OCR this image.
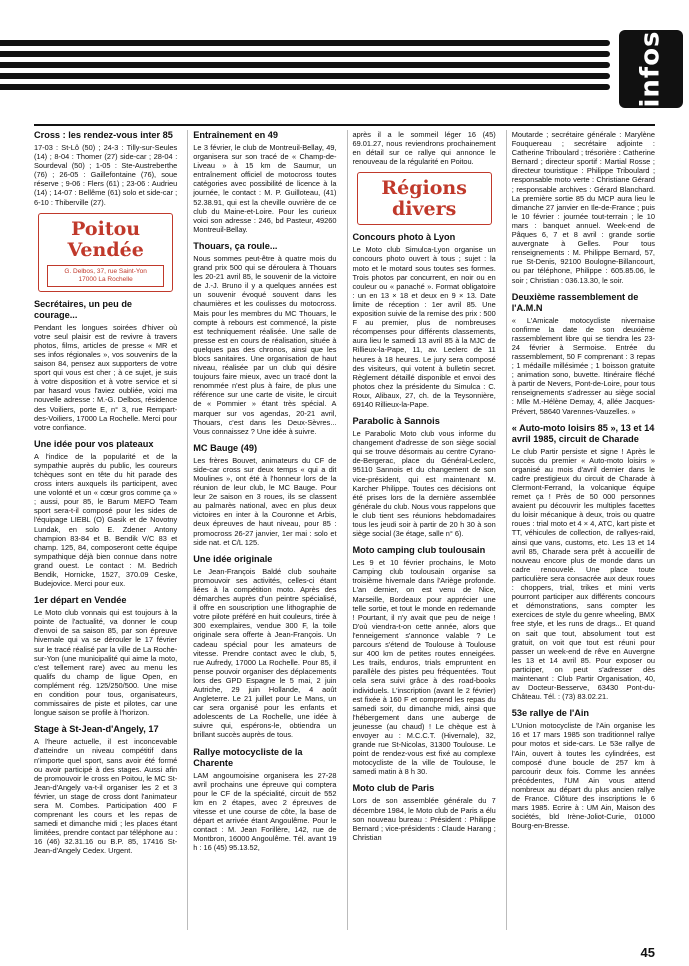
infos
Cross : les rendez-vous inter 85

17-03 : St-Lô (50) ; 24-3 : Tilly-sur-Seules (14) ; 8-04 : Thomer (27) side-car ; 28-04 : Sourdeval (50) ; 1-05 : Ste-Austreberthe (76) ; 26-05 : Gaillefontaine (76), soue réserve ; 9-06 : Flers (61) ; 23-06 : Audrieu (14) ; 14-07 : Bellême (61) solo et side-car ; 6-10 : Thiberville (27).

Poitou
Vendée
G. Delbos, 37, rue Saint-Yon
17000 La Rochelle
Secrétaires, un peu de courage...

Pendant les longues soirées d'hiver où votre seul plaisir est de revivre à travers photos, films, articles de presse « MR et ses infos régionales », vos souvenirs de la saison 84, pensez aux supporters de votre sport qui vous est cher ; à ce sujet, je suis à votre disposition et à votre service et si par hasard vous l'aviez oubliée, voici ma nouvelle adresse : M.-G. Delbos, résidence des Voiliers, porte E, n° 3, rue Rempart-des-Voiliers, 17000 La Rochelle. Merci pour votre confiance.

Une idée pour vos plateaux

A l'indice de la popularité et de la sympathie auprès du public, les coureurs tchèques sont en tête du hit parade des cross inters auxquels ils participent, avec une volonté et un « cœur gros comme ça » ; aussi, pour 85, le Barum MEFO Team sport sera-t-il composé pour les sides de l'équipage LIEBL (O) Gasik et de Novotny Lundak, en solo E. Zdener Antony champion 83-84 et B. Bendik V/C 83 et champ. 125, 84, composeront cette équipe sympathique déjà bien connue dans notre grand ouest. Le contact : M. Bedrich Bendik, Hornicke, 1527, 370.09 Ceske, Budejovice. Merci pour eux.

1er départ en Vendée

Le Moto club vonnais qui est toujours à la pointe de l'actualité, va donner le coup d'envoi de sa saison 85, par son épreuve hivernale qui va se dérouler le 17 février sur le tracé réalisé par la ville de La Roche-sur-Yon (une municipalité qui aime la moto, c'est tellement rare) avec au menu les qualifs du champ de ligue Open, en complément rég. 125/250/500. Une mise en condition pour tous, organisateurs, commissaires de piste et pilotes, car une longue saison se profile à l'horizon.

Stage à St-Jean-d'Angely, 17

A l'heure actuelle, il est inconcevable d'atteindre un niveau compétitif dans n'importe quel sport, sans avoir été formé ou avoir participé à des stages. Aussi afin de promouvoir le cross en Poitou, le MC St-Jean-d'Angely va-t-il organiser les 2 et 3 février, un stage de cross dont l'animateur sera M. Combes. Participation 400 F comprenant les cours et les repas de samedi et dimanche midi ; les places étant limitées, prendre contact par téléphone au : 16 (46) 32.31.16 ou B.P. 85, 17416 St-Jean-d'Angely Cedex. Urgent.

Entraînement en 49

Le 3 février, le club de Montreuil-Bellay, 49, organisera sur son tracé de « Champ-de-Liveau » à 15 km de Saumur, un entraînement officiel de motocross toutes catégories avec possibilité de licence à la journée, le contact : M. P. Guilloteau, (41) 52.38.91, qui est la cheville ouvrière de ce club du Maine-et-Loire. Pour les curieux voici son adresse : 246, bd Pasteur, 49260 Montreuil-Bellay.

Thouars, ça roule...

Nous sommes peut-être à quatre mois du grand prix 500 qui se déroulera à Thouars les 20-21 avril 85, le souvenir de la victoire de J.-J. Bruno il y a quelques années est un souvenir évoqué souvent dans les chaumières et les coulisses du motocross. Mais pour les membres du MC Thouars, le compte à rebours est commencé, la piste est techniquement réalisée. Une salle de presse est en cours de réalisation, située à quelques pas des chronos, ainsi que les blocs sanitaires. Une organisation de haut niveau, réalisée par un club qui désire toujours faire mieux, avec un tracé dont la renommée n'est plus à faire, de plus une référence sur une carte de visite, le circuit de « Pommier » étant très spécial. A marquer sur vos agendas, 20-21 avril, Thouars, c'est dans les Deux-Sèvres... Vous connaissez ? Une idée à suivre.

MC Bauge (49)

Les frères Bouvet, animateurs du CF de side-car cross sur deux temps « qui a dit Moulines », ont été à l'honneur lors de la réunion de leur club, le MC Bauge. Pour leur 2e saison en 3 roues, ils se classent au palmarès national, avec en plus deux victoires en inter à la Couronne et Arbis, deux épreuves de haut niveau, pour 85 : promocross 26-27 janvier, 1er mai : solo et side nat. et C/L 125.

Une idée originale

Le Jean-François Baldé club souhaite promouvoir ses activités, celles-ci étant liées à la compétition moto. Après des démarches auprès d'un peintre spécialisé, il offre en souscription une lithographie de votre pilote préféré en huit couleurs, tirée à 300 exemplaires, vendue 300 F, la toile originale sera offerte à Jean-François. Un cadeau spécial pour les amateurs de vitesse. Prendre contact avec le club, 5, rue Aufredy, 17000 La Rochelle. Pour 85, il pense pouvoir organiser des déplacements lors des GPD Espagne le 5 mai, 2 juin Autriche, 29 juin Hollande, 4 août Angleterre. Le 21 juillet pour Le Mans, un car sera organisé pour les enfants et adolescents de La Rochelle, une idée à suivre qui, espérons-le, obtiendra un brillant succès auprès de tous.

Rallye motocycliste de la Charente

LAM angoumoisine organisera les 27-28 avril prochains une épreuve qui comptera pour le CF de la spécialité, circuit de 552 km en 2 étapes, avec 2 épreuves de vitesse et une course de côte, la base de départ et arrivée étant Angoulême. Pour le contact : M. Jean Forillère, 142, rue de Montbron, 16000 Angoulême. Tél. avant 19 h : 16 (45) 95.13.52,

après il a le sommeil léger 16 (45) 69.01.27, nous reviendrons prochainement en détail sur ce rallye qui annonce le renouveau de la régularité en Poitou.

Régions
divers
Concours photo à Lyon

Le Moto club Simulca-Lyon organise un concours photo ouvert à tous ; sujet : la moto et le motard sous toutes ses formes. Trois photos par concurrent, en noir ou en couleur ou « panaché ». Format obligatoire : un en 13 × 18 et deux en 9 × 13. Date limite de réception : 1er avril 85. Une exposition suivie de la remise des prix : 500 F au premier, plus de nombreuses récompenses pour différents classements, aura lieu le samedi 13 avril 85 à la MJC de Rillieux-la-Pape, 11, av. Leclerc de 11 heures à 18 heures. Le jury sera composé des visiteurs, qui votent à bulletin secret. Règlement détaillé disponible et envoi des photos chez la présidente du Simulca : C. Roux, Alibaux, 27, ch. de la Teysonnière, 69140 Rillieux-la-Pape.

Parabolic à Sannois

Le Parabolic Moto club vous informe du changement d'adresse de son siège social qui se trouve désormais au centre Cyrano-de-Bergerac, place du Général-Leclerc, 95110 Sannois et du changement de son vice-président, qui est maintenant M. Karcher Philippe. Toutes ces décisions ont été prises lors de la dernière assemblée générale du club. Nous vous rappelons que le club tient ses réunions hebdomadaires tous les jeudi soir à partir de 20 h 30 à son siège social (3e étage, salle n° 6).

Moto camping club toulousain

Les 9 et 10 février prochains, le Moto Camping club toulousain organise sa troisième hivernale dans l'Ariège profonde. L'an dernier, on est venu de Nice, Marseille, Bordeaux pour apprécier une telle sortie, et tout le monde en redemande ! Pourtant, il n'y avait que peu de neige ! D'où viendra-t-on cette année, alors que l'enneigement s'annonce valable ? Le parcours s'étend de Toulouse à Toulouse sur 400 km de petites routes enneigées. Les trails, enduros, trials empruntent en parallèle des pistes peu fréquentées. Tout cela sera suivi grâce à des road-books individuels. L'inscription (avant le 2 février) est fixée à 160 F et comprend les repas du samedi soir, du dimanche midi, ainsi que l'hébergement dans une auberge de jeunesse (au chaud) ! Le chèque est à envoyer au : M.C.C.T. (Hivernale), 32, grande rue St-Nicolas, 31300 Toulouse. Le point de rendez-vous est fixé au complexe motocycliste de la ville de Toulouse, le samedi matin à 8 h 30.

Moto club de Paris

Lors de son assemblée générale du 7 décembre 1984, le Moto club de Paris a élu son nouveau bureau : Président : Philippe Bernard ; vice-présidents : Claude Harang ; Christian

Moutarde ; secrétaire générale : Marylène Fouquereau ; secrétaire adjointe : Catherine Triboulard ; trésorière : Catherine Bernard ; directeur sportif : Martial Rosse ; directeur touristique : Philippe Triboulard ; responsable moto verte : Christiane Gérard ; responsable archives : Gérard Blanchard. La première sortie 85 du MCP aura lieu le dimanche 27 janvier en Ile-de-France ; puis le 10 février : journée tout-terrain ; le 10 mars : banquet annuel. Week-end de Pâques 6, 7 et 8 avril : grande sortie auvergnate à Gelles. Pour tous renseignements : M. Philippe Bernard, 57, rue St-Denis, 92100 Boulogne-Billancourt, ou par téléphone, Philippe : 605.85.06, le soir ; Christian : 036.13.30, le soir.

Deuxième rassemblement de l'A.M.N

« L'Amicale motocycliste nivernaise confirme la date de son deuxième rassemblement libre qui se tiendra les 23-24 février à Sermoise. Entrée du rassemblement, 50 F comprenant : 3 repas ; 1 médaille millésimée ; 1 boisson gratuite ; animation sono, buvette. Itinéraire fléché à partir de Nevers, Pont-de-Loire, pour tous renseignements s'adresser au siège social : Mlle M.-Hélène Demay, 4, allée Jacques-Prévert, 58640 Varennes-Vauzelles. »

« Auto-moto loisirs 85 », 13 et 14 avril 1985, circuit de Charade

Le club Partir persiste et signe ! Après le succès du premier « Auto-moto loisirs » organisé au mois d'avril dernier dans le cadre prestigieux du circuit de Charade à Clermont-Ferrand, la volcanique équipe remet ça ! Près de 50 000 personnes avaient pu découvrir les multiples facettes du loisir mécanique à deux, trois ou quatre roues : trial moto et 4 × 4, ATC, kart piste et TT, véhicules de collection, de rallyes-raid, ainsi que vans, customs, etc. Les 13 et 14 avril 85, Charade sera prêt à accueillir de nouveau encore plus de monde dans un cadre renouvelé. Une place toute particulière sera consacrée aux deux roues : choppers, trial, trikes et mini verts pourront participer aux différents concours et démonstrations, sans compter les exercices de style du genre wheeling, BMX free style, et les runs de drags... Et quand on sait que tout, absolument tout est gratuit, on voit que tout est réuni pour passer un week-end de rêve en Auvergne les 13 et 14 avril 85. Pour exposer ou participer, on peut s'adresser dès maintenant : Club Partir Organisation, 40, av Docteur-Besserve, 63430 Pont-du-Château. Tél. : (73) 83.02.21.

53e rallye de l'Ain

L'Union motocycliste de l'Ain organise les 16 et 17 mars 1985 son traditionnel rallye pour motos et side-cars. Le 53e rallye de l'Ain, ouvert à toutes les cylindrées, est composé d'une boucle de 257 km à parcourir deux fois. Comme les années précédentes, l'UM Ain vous attend nombreux au départ du plus ancien rallye de France. Clôture des inscriptions le 6 mars 1985. Ecrire à : UM Ain, Maison des sociétés, bld Irène-Joliot-Curie, 01000 Bourg-en-Bresse.

45
